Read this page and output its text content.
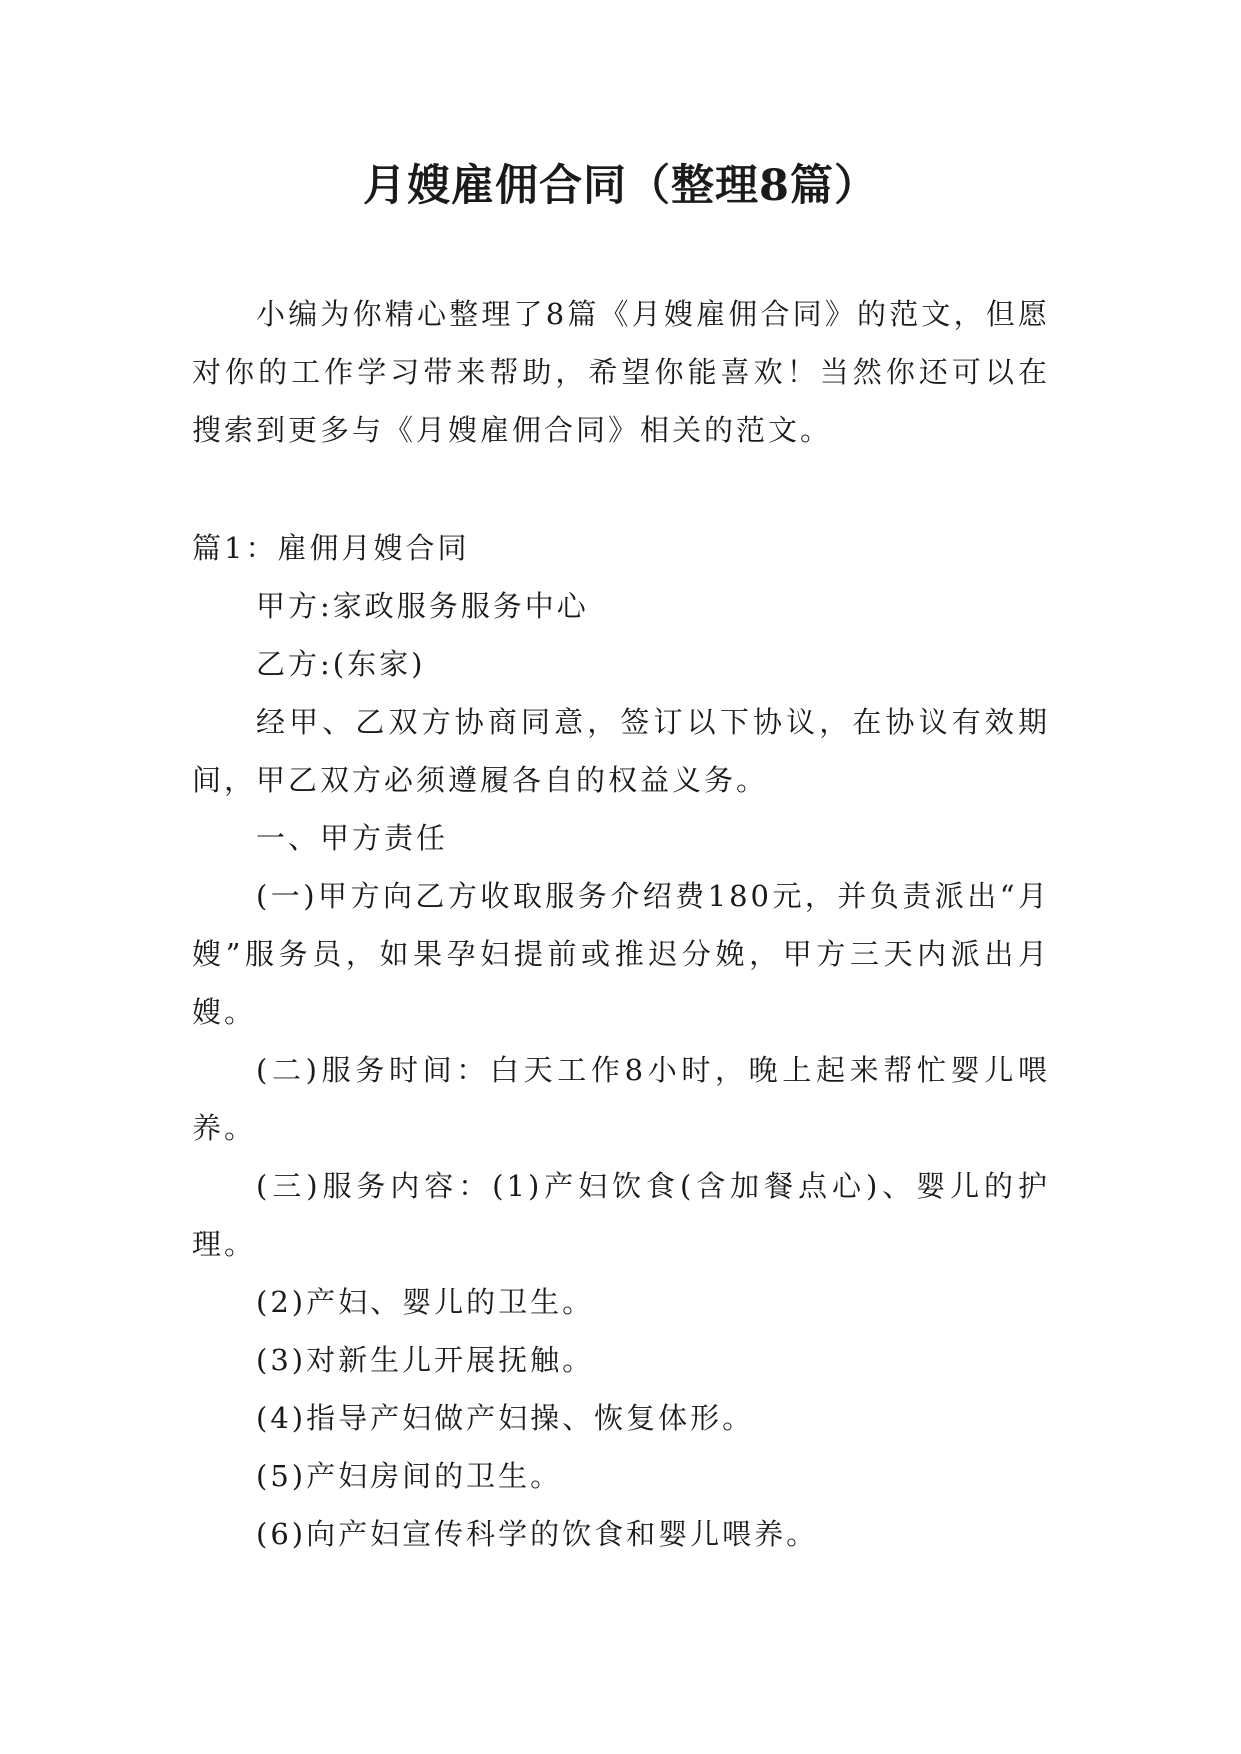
月嫂雇佣合同（整理8篇）

小编为你精心整理了8篇《月嫂雇佣合同》的范文，但愿对你的工作学习带来帮助，希望你能喜欢！当然你还可以在搜索到更多与《月嫂雇佣合同》相关的范文。

篇1：雇佣月嫂合同

甲方:家政服务服务中心

乙方:(东家)

经甲、乙双方协商同意，签订以下协议，在协议有效期间，甲乙双方必须遵履各自的权益义务。

一、甲方责任

(一)甲方向乙方收取服务介绍费180元，并负责派出“月嫂”服务员，如果孕妇提前或推迟分娩，甲方三天内派出月嫂。

(二)服务时间：白天工作8小时，晚上起来帮忙婴儿喂养。

(三)服务内容：(1)产妇饮食(含加餐点心)、婴儿的护理。

(2)产妇、婴儿的卫生。

(3)对新生儿开展抚触。

(4)指导产妇做产妇操、恢复体形。

(5)产妇房间的卫生。

(6)向产妇宣传科学的饮食和婴儿喂养。
